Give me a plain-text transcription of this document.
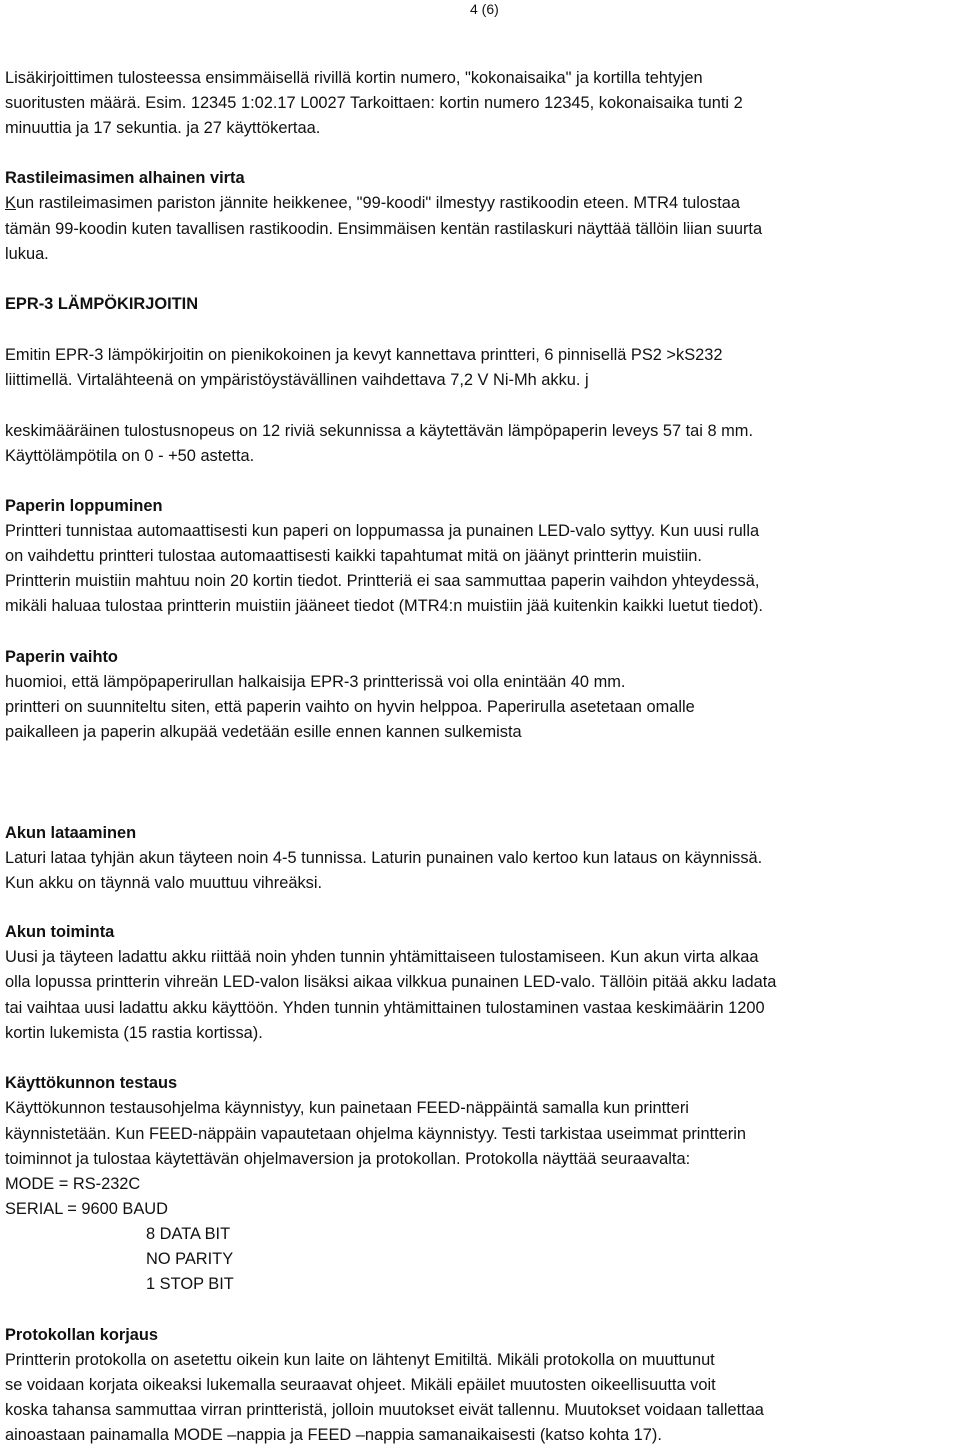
4 (6)
Lisäkirjoittimen tulosteessa ensimmäisellä rivillä kortin numero, "kokonaisaika" ja kortilla tehtyjen
suoritusten määrä. Esim. 12345 1:02.17 L0027 Tarkoittaen: kortin numero 12345, kokonaisaika tunti 2
minuuttia ja 17 sekuntia. ja 27 käyttökertaa.
Rastileimasimen alhainen virta
Kun rastileimasimen pariston jännite heikkenee, "99-koodi" ilmestyy rastikoodin eteen. MTR4 tulostaa
tämän 99-koodin kuten tavallisen rastikoodin. Ensimmäisen kentän rastilaskuri näyttää tällöin liian suurta
lukua.
EPR-3 LÄMPÖKIRJOITIN
Emitin EPR-3 lämpökirjoitin on pienikokoinen ja kevyt kannettava printteri, 6 pinnisellä PS2 >kS232
liittimellä. Virtalähteenä on ympäristöystävällinen vaihdettava 7,2 V Ni-Mh akku. j
keskimääräinen tulostusnopeus on 12 riviä sekunnissa a käytettävän lämpöpaperin leveys 57 tai 8 mm.
Käyttölämpötila on 0 - +50 astetta.
Paperin loppuminen
Printteri tunnistaa automaattisesti kun paperi on loppumassa ja punainen LED-valo syttyy. Kun uusi rulla
on vaihdettu printteri tulostaa automaattisesti kaikki tapahtumat mitä on jäänyt printterin muistiin.
Printterin muistiin mahtuu noin 20 kortin tiedot. Printteriä ei saa sammuttaa paperin vaihdon yhteydessä,
mikäli haluaa tulostaa printterin muistiin jääneet tiedot (MTR4:n muistiin jää kuitenkin kaikki luetut tiedot).
Paperin vaihto
huomioi, että lämpöpaperirullan halkaisija EPR-3 printterissä voi olla enintään 40 mm.
printteri on suunniteltu siten, että paperin vaihto on hyvin helppoa. Paperirulla asetetaan omalle
paikalleen ja paperin alkupää vedetään esille ennen kannen sulkemista
Akun lataaminen
Laturi lataa tyhjän akun täyteen noin 4-5 tunnissa. Laturin punainen valo kertoo kun lataus on käynnissä.
Kun akku on täynnä valo muuttuu vihreäksi.
Akun toiminta
Uusi ja täyteen ladattu akku riittää noin yhden tunnin yhtämittaiseen tulostamiseen. Kun akun virta alkaa
olla lopussa printterin vihreän LED-valon lisäksi aikaa vilkkua punainen LED-valo. Tällöin pitää akku ladata
tai vaihtaa uusi ladattu akku käyttöön. Yhden tunnin yhtämittainen tulostaminen vastaa keskimäärin 1200
kortin lukemista (15 rastia kortissa).
Käyttökunnon testaus
Käyttökunnon testausohjelma käynnistyy, kun painetaan FEED-näppäintä samalla kun printteri
käynnistetään. Kun FEED-näppäin vapautetaan ohjelma käynnistyy. Testi tarkistaa useimmat printterin
toiminnot ja tulostaa käytettävän ohjelmaversion ja protokollan. Protokolla näyttää seuraavalta:
MODE = RS-232C
SERIAL = 9600 BAUD
8 DATA BIT
NO PARITY
1 STOP BIT
Protokollan korjaus
Printterin protokolla on asetettu oikein kun laite on lähtenyt Emitiltä. Mikäli protokolla on muuttunut
se voidaan korjata oikeaksi lukemalla seuraavat ohjeet. Mikäli epäilet muutosten oikeellisuutta voit
koska tahansa sammuttaa virran printteristä, jolloin muutokset eivät tallennu. Muutokset voidaan tallettaa
ainoastaan painamalla MODE –nappia ja FEED –nappia samanaikaisesti (katso kohta 17).
